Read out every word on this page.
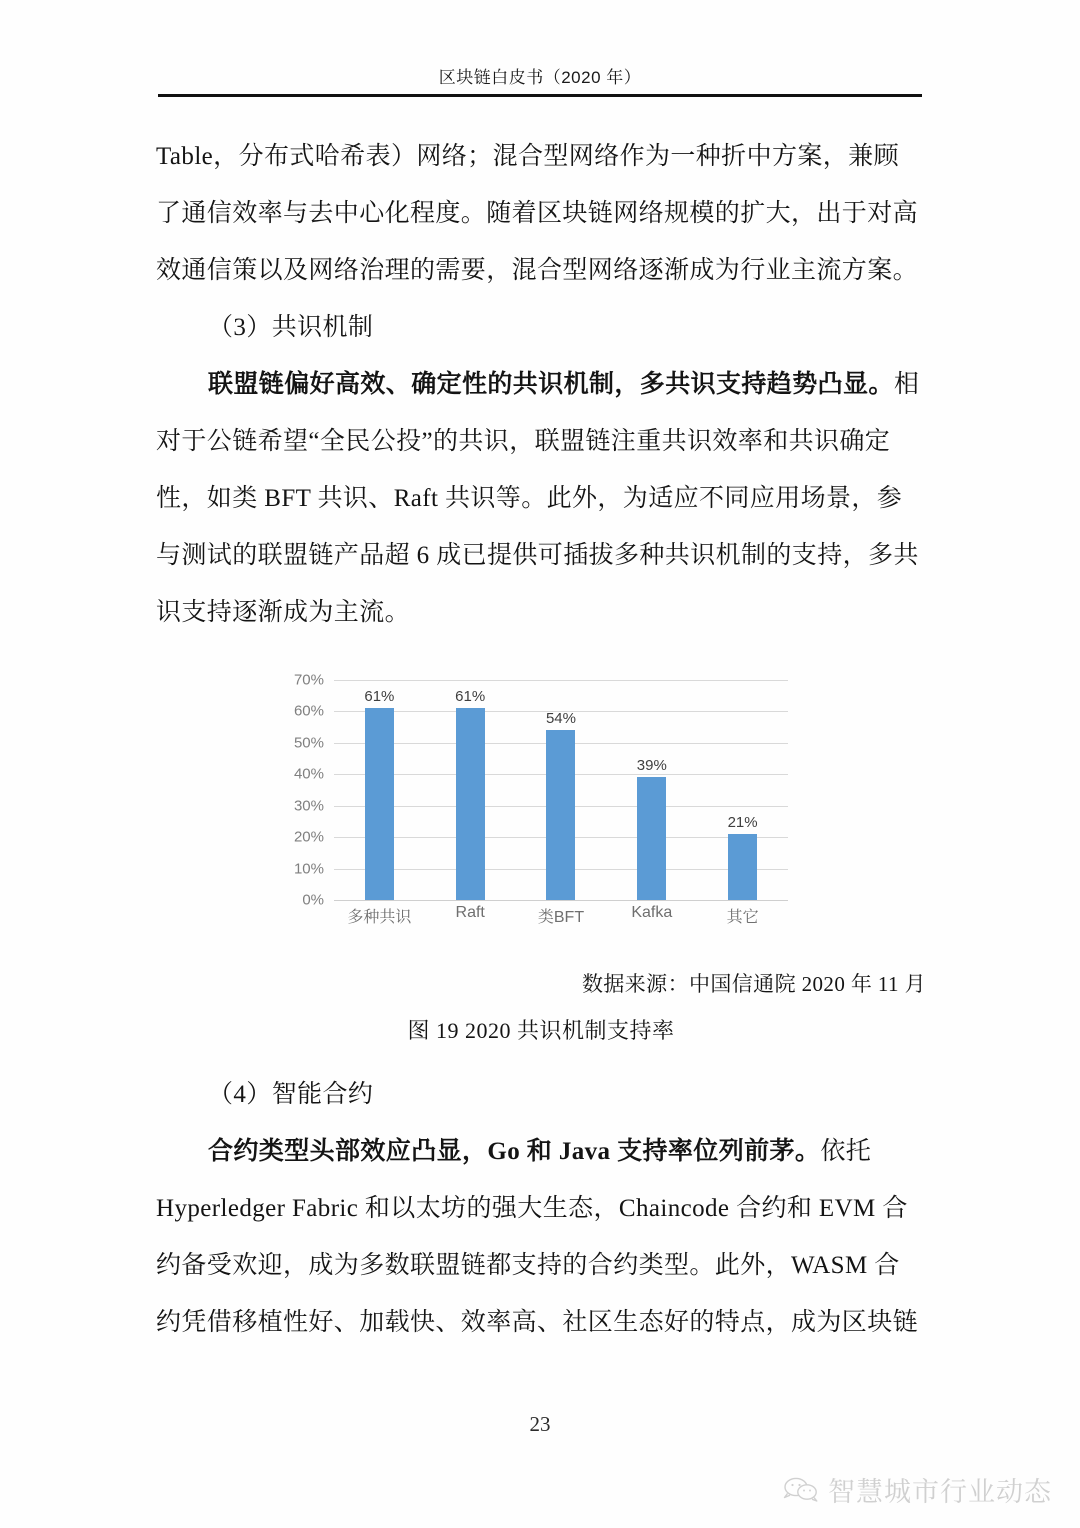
区块链白皮书（2020 年）

Table，分布式哈希表）网络；混合型网络作为一种折中方案，兼顾

了通信效率与去中心化程度。随着区块链网络规模的扩大，出于对高

效通信策以及网络治理的需要，混合型网络逐渐成为行业主流方案。

（3）共识机制

联盟链偏好高效、确定性的共识机制，多共识支持趋势凸显。相

对于公链希望“全民公投”的共识，联盟链注重共识效率和共识确定

性，如类 BFT 共识、Raft 共识等。此外，为适应不同应用场景，参

与测试的联盟链产品超 6 成已提供可插拔多种共识机制的支持，多共

识支持逐渐成为主流。

70%
60%
50%
40%
30%
20%
10%
0%
61%	61%
54%
39%
21%
多种共识	Raft	类BFT	Kafka	其它
数据来源：中国信通院 2020 年 11 月
图 19 2020 共识机制支持率

（4）智能合约

合约类型头部效应凸显，Go 和 Java 支持率位列前茅。依托

Hyperledger Fabric 和以太坊的强大生态，Chaincode 合约和 EVM 合

约备受欢迎，成为多数联盟链都支持的合约类型。此外，WASM 合

约凭借移植性好、加载快、效率高、社区生态好的特点，成为区块链

23
智慧城市行业动态
